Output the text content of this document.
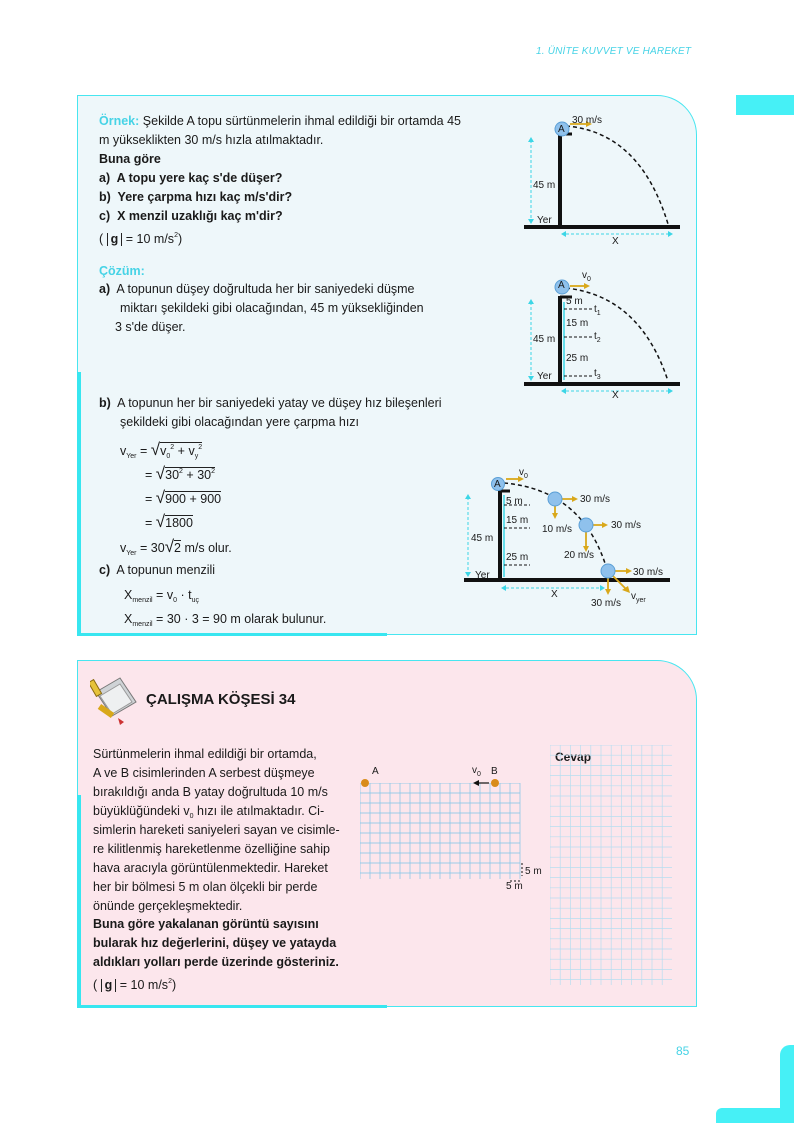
1. ÜNİTE KUVVET VE HAREKET
Örnek: Şekilde A topu sürtünmelerin ihmal edildiği bir ortamda 45
m yükseklikten 30 m/s hızla atılmaktadır.
Buna göre
a) A topu yere kaç s'de düşer?
b) Yere çarpma hızı kaç m/s'dir?
c) X menzil uzaklığı kaç m'dir?
( g = 10 $m/s^2$)
A
30 m/s
45 m
Yer
X
Çözüm:
a) A topunun düşey doğrultuda her bir saniyedeki düşme
miktarı şekildeki gibi olacağından, 45 m yüksekliğinden
3 s'de düşer.
A
$v_0$
5 m
15 m
25 m
$t_1$
$t_2$
$t_3$
45 m
Yer
X
b) A topunun her bir saniyedeki yatay ve düşey hız bileşenleri
şekildeki gibi olacağından yere çarpma hızı
$v_{Yer} = √v_0^2 + v_y^2$
= $√30^2 + 30^2$
= √900 + 900
= √1800
$v_{Yer} = 30√2$ m/s olur.
c) A topunun menzili
$X_{menzil} = v_0 \cdot t_{uç}$
$X_{menzil} = 30 \cdot 3 = 90$ m olarak bulunur.
A
$v_0$
5 m
15 m
25 m
45 m
Yer
X
30 m/s
10 m/s	30 m/s
20 m/s
30 m/s
30 m/s
$v_{yer}$
ÇALIŞMA KÖŞESİ 34
Sürtünmelerin ihmal edildiği bir ortamda,
A ve B cisimlerinden A serbest düşmeye
bırakıldığı anda B yatay doğrultuda 10 m/s
büyüklüğündeki $v_0$ hızı ile atılmaktadır. Ci-
simlerin hareketi saniyeleri sayan ve cisimle-
re kilitlenmiş hareketlenme özelliğine sahip
hava aracıyla görüntülenmektedir. Hareket
her bir bölmesi 5 m olan ölçekli bir perde
önünde gerçekleşmektedir.
Buna göre yakalanan görüntü sayısını
bularak hız değerlerini, düşey ve yatayda
aldıkları yolları perde üzerinde gösteriniz.
( g = 10 $m/s^2$)
A	B
$v_0$
5 m
5 m
Cevap
85
